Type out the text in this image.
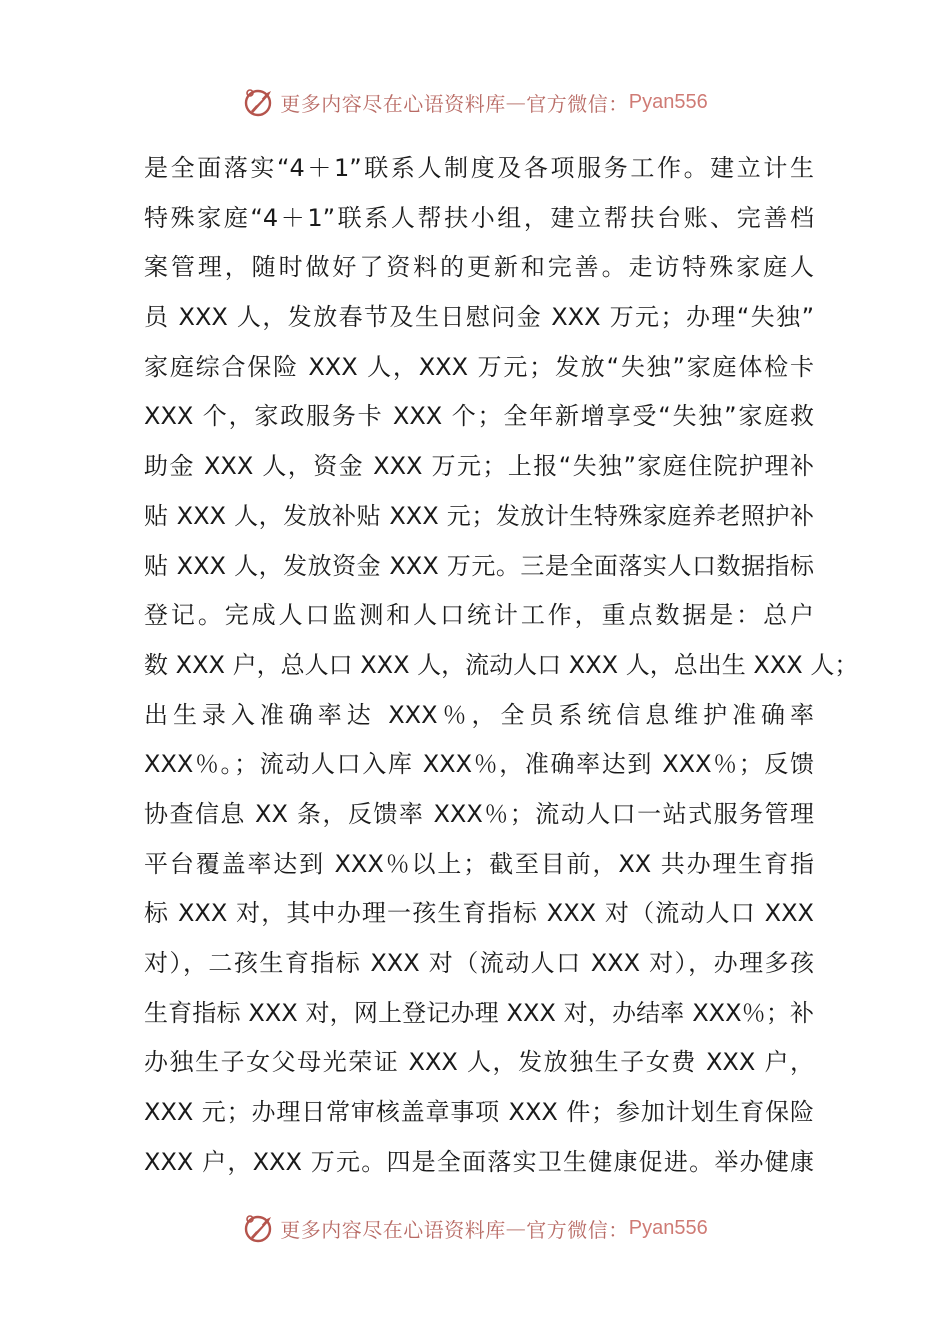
更多内容尽在心语资料库 — 官方微信： Pyan556
是全面落实“4＋1”联系人制度及各项服务工作。建立计生
特殊家庭“4＋1”联系人帮扶小组，建立帮扶台账、完善档
案管理，随时做好了资料的更新和完善。走访特殊家庭人
员 XXX 人，发放春节及生日慰问金 XXX 万元；办理“失独”
家庭综合保险 XXX 人，XXX 万元；发放“失独”家庭体检卡
XXX 个，家政服务卡 XXX 个；全年新增享受“失独”家庭救
助金 XXX 人，资金 XXX 万元；上报“失独”家庭住院护理补
贴 XXX 人，发放补贴 XXX 元；发放计生特殊家庭养老照护补
贴 XXX 人，发放资金 XXX 万元。三是全面落实人口数据指标
登记。完成人口监测和人口统计工作，重点数据是：总户
数 XXX 户，总人口 XXX 人，流动人口 XXX 人，总出生 XXX 人；
出生录入准确率达 XXX％，全员系统信息维护准确率
XXX％。；流动人口入库 XXX％，准确率达到 XXX％；反馈
协查信息 XX 条，反馈率 XXX％；流动人口一站式服务管理
平台覆盖率达到 XXX％以上；截至目前，XX 共办理生育指
标 XXX 对，其中办理一孩生育指标 XXX 对（流动人口 XXX
对），二孩生育指标 XXX 对（流动人口 XXX 对），办理多孩
生育指标 XXX 对，网上登记办理 XXX 对，办结率 XXX％；补
办独生子女父母光荣证 XXX 人，发放独生子女费 XXX 户，
XXX 元；办理日常审核盖章事项 XXX 件；参加计划生育保险
XXX 户，XXX 万元。四是全面落实卫生健康促进。举办健康
更多内容尽在心语资料库 — 官方微信： Pyan556
